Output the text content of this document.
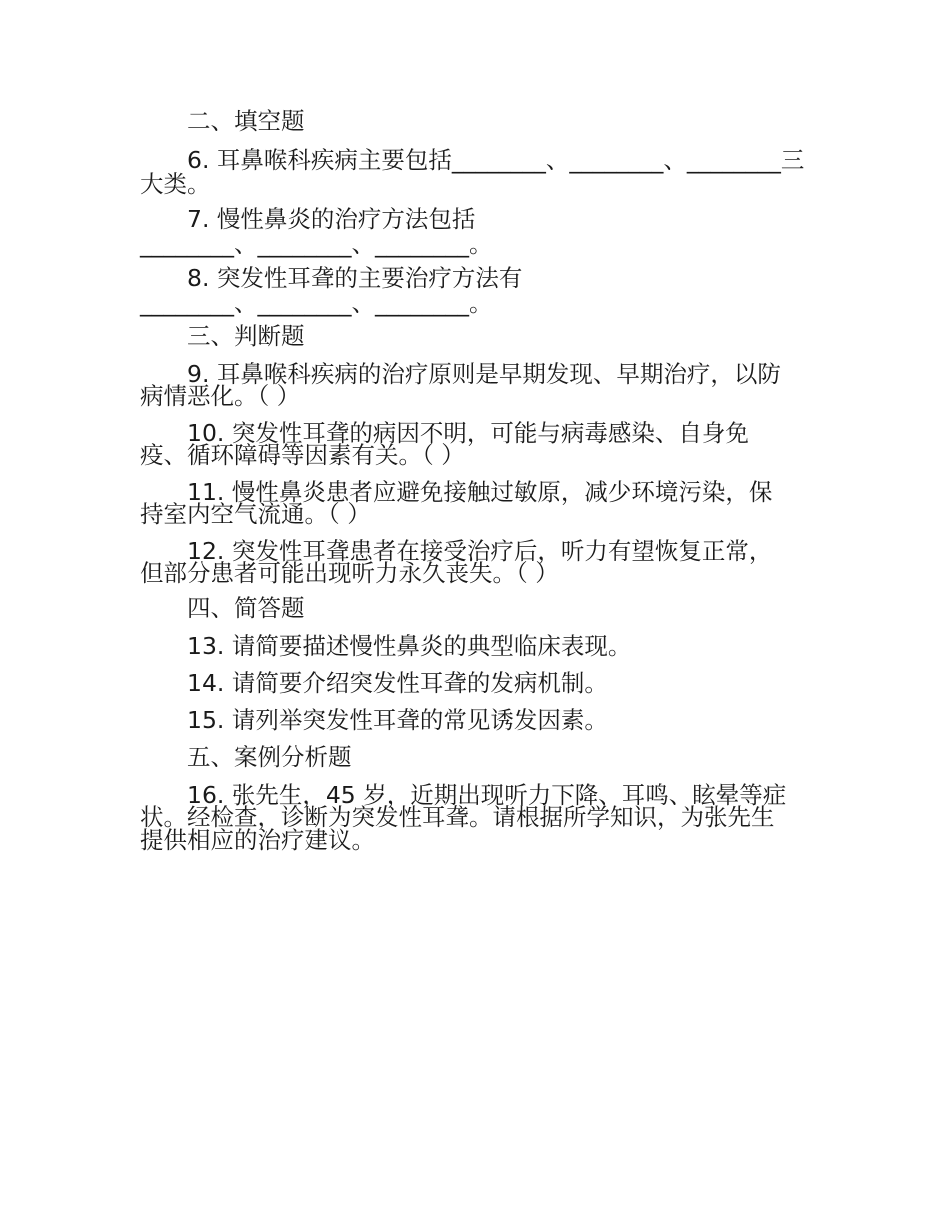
二、填空题
6. 耳鼻喉科疾病主要包括________、________、________三
大类。
7. 慢性鼻炎的治疗方法包括
________、________、________。
8. 突发性耳聋的主要治疗方法有
________、________、________。
三、判断题
9. 耳鼻喉科疾病的治疗原则是早期发现、早期治疗，以防
病情恶化。（ ）
10. 突发性耳聋的病因不明，可能与病毒感染、自身免
疫、循环障碍等因素有关。（ ）
11. 慢性鼻炎患者应避免接触过敏原，减少环境污染，保
持室内空气流通。（ ）
12. 突发性耳聋患者在接受治疗后，听力有望恢复正常，
但部分患者可能出现听力永久丧失。（ ）
四、简答题
13. 请简要描述慢性鼻炎的典型临床表现。
14. 请简要介绍突发性耳聋的发病机制。
15. 请列举突发性耳聋的常见诱发因素。
五、案例分析题
16. 张先生，45 岁，近期出现听力下降、耳鸣、眩晕等症
状。经检查，诊断为突发性耳聋。请根据所学知识，为张先生
提供相应的治疗建议。
